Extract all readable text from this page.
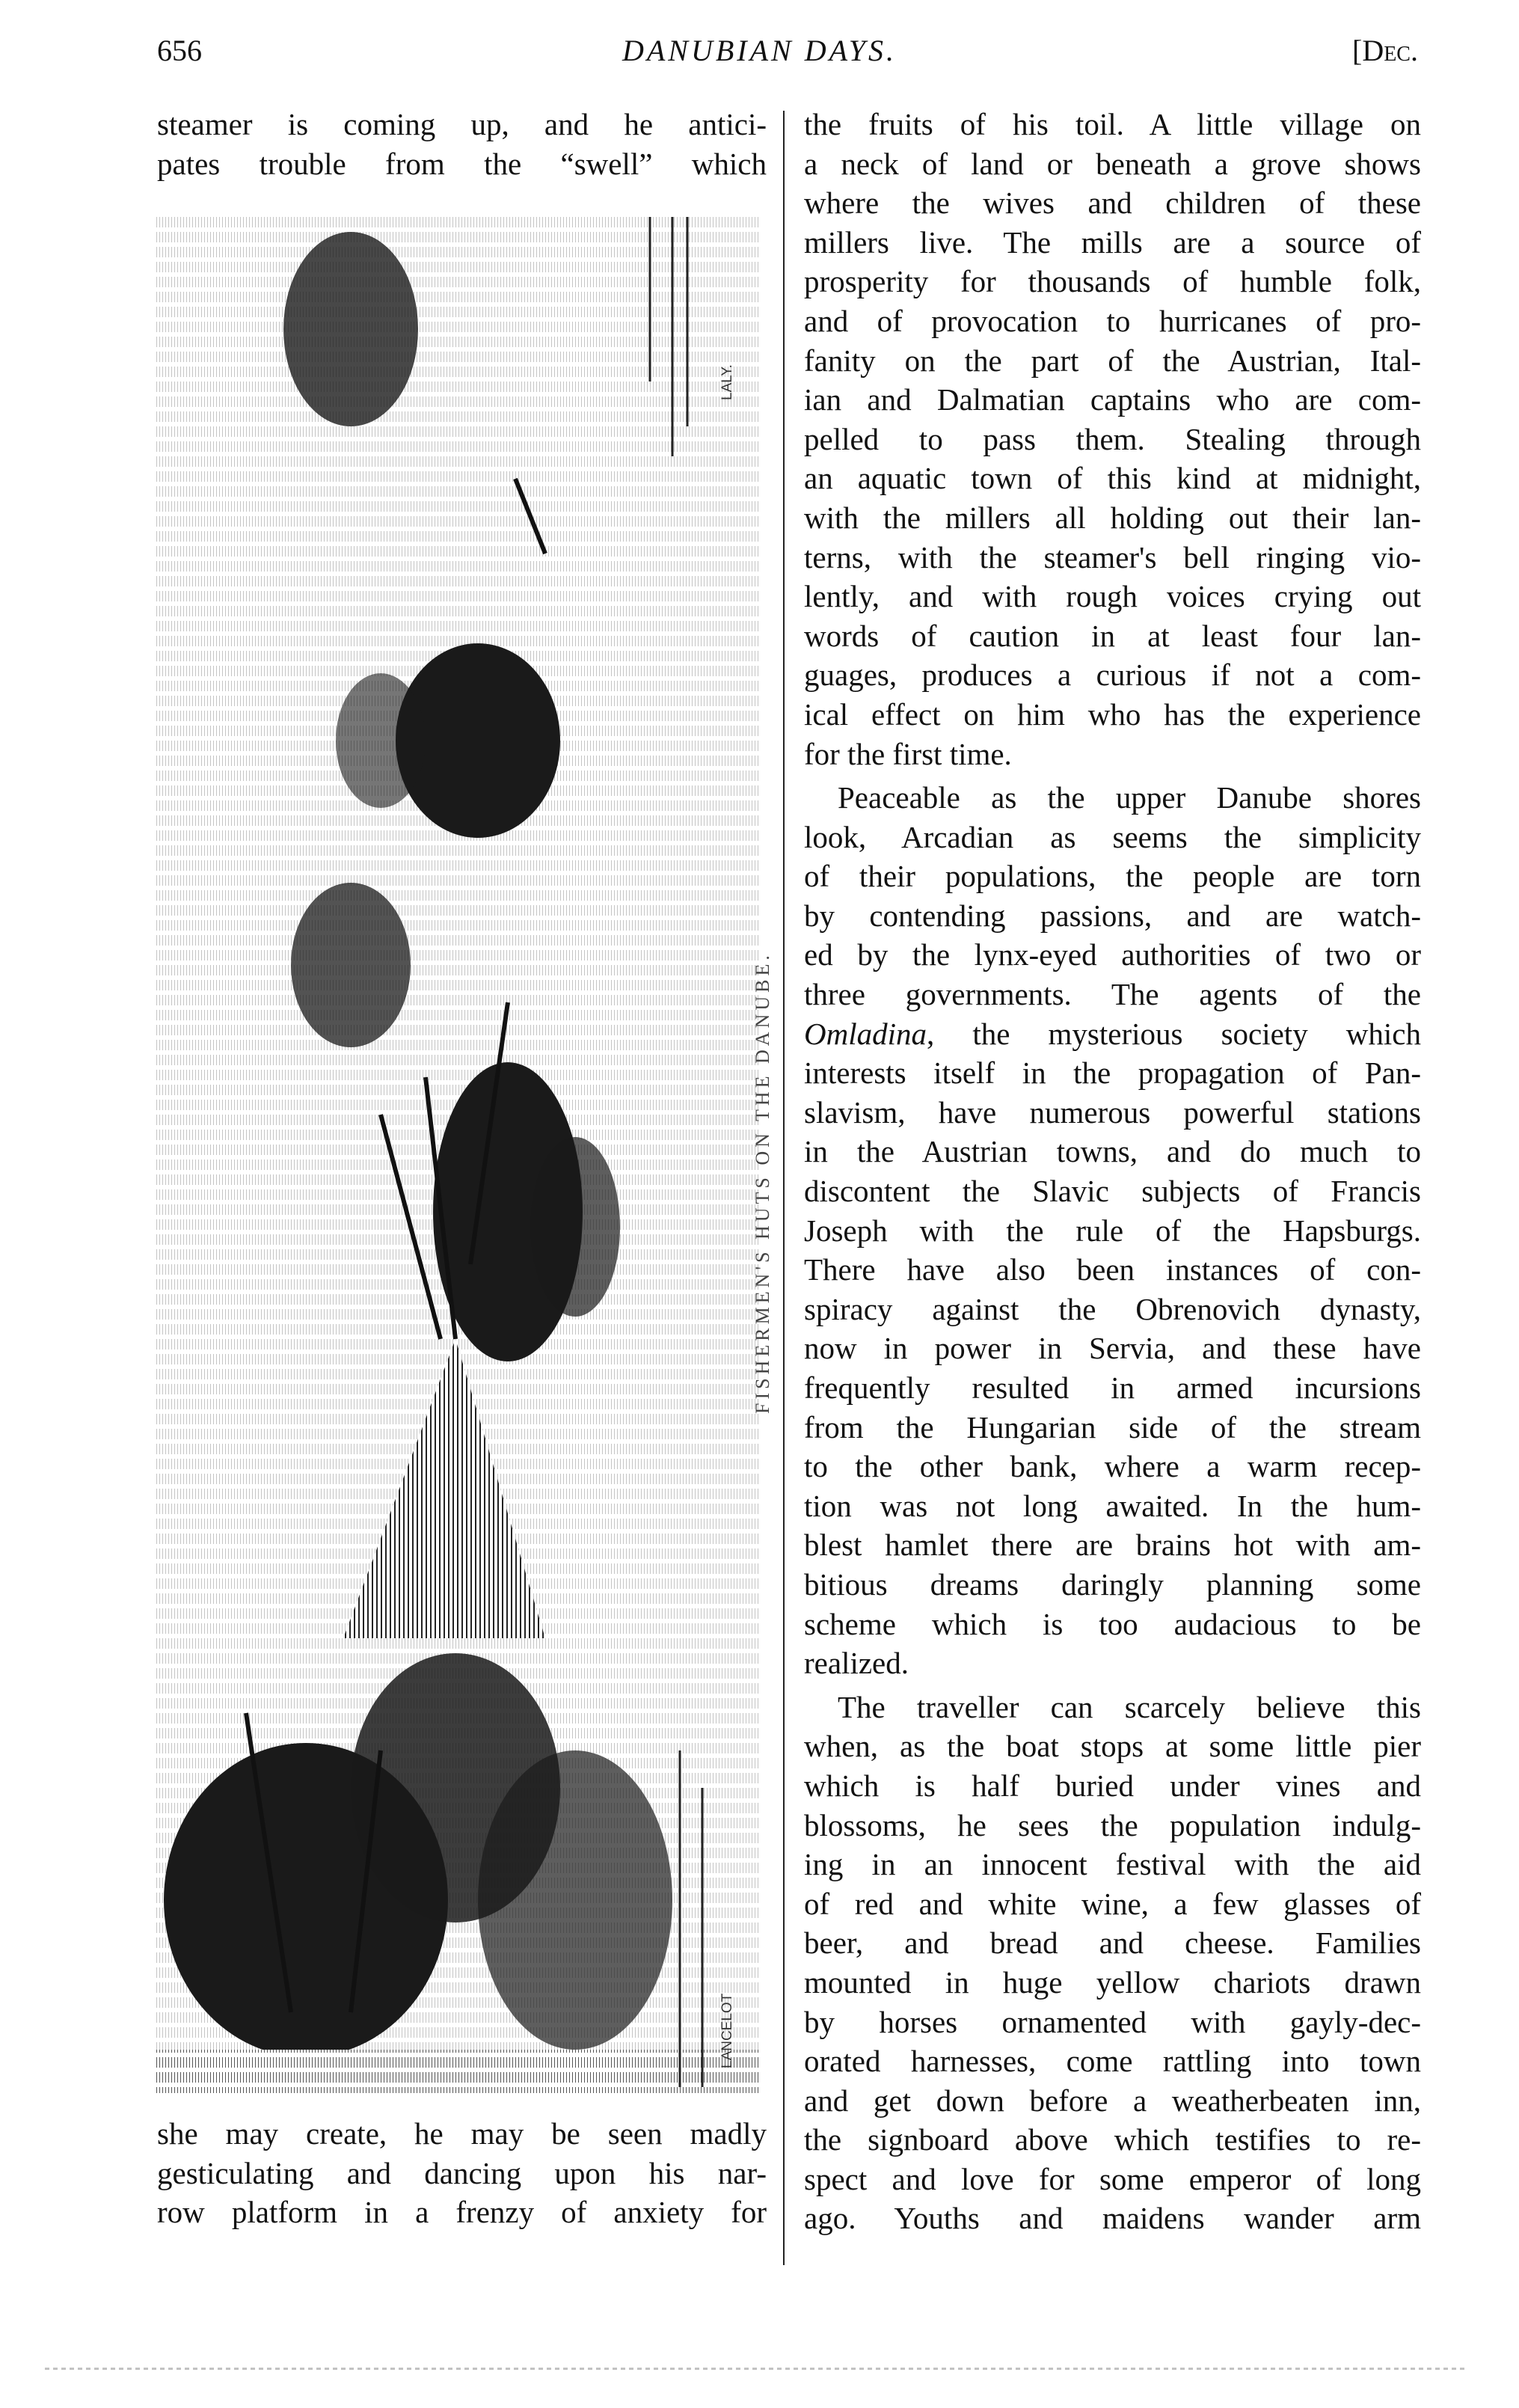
656	DANUBIAN DAYS.	[Dec.
steamer is coming up, and he antici-
pates trouble from the “swell” which
LALY.
LANCELOT
FISHERMEN'S HUTS ON THE DANUBE.
she may create, he may be seen madly
gesticulating and dancing upon his nar-
row platform in a frenzy of anxiety for
the fruits of his toil. A little village on
a neck of land or beneath a grove shows
where the wives and children of these
millers live. The mills are a source of
prosperity for thousands of humble folk,
and of provocation to hurricanes of pro-
fanity on the part of the Austrian, Ital-
ian and Dalmatian captains who are com-
pelled to pass them. Stealing through
an aquatic town of this kind at midnight,
with the millers all holding out their lan-
terns, with the steamer's bell ringing vio-
lently, and with rough voices crying out
words of caution in at least four lan-
guages, produces a curious if not a com-
ical effect on him who has the experience
for the first time.
Peaceable as the upper Danube shores
look, Arcadian as seems the simplicity
of their populations, the people are torn
by contending passions, and are watch-
ed by the lynx-eyed authorities of two or
three governments. The agents of the
Omladina, the mysterious society which
interests itself in the propagation of Pan-
slavism, have numerous powerful stations
in the Austrian towns, and do much to
discontent the Slavic subjects of Francis
Joseph with the rule of the Hapsburgs.
There have also been instances of con-
spiracy against the Obrenovich dynasty,
now in power in Servia, and these have
frequently resulted in armed incursions
from the Hungarian side of the stream
to the other bank, where a warm recep-
tion was not long awaited. In the hum-
blest hamlet there are brains hot with am-
bitious dreams daringly planning some
scheme which is too audacious to be
realized.
The traveller can scarcely believe this
when, as the boat stops at some little pier
which is half buried under vines and
blossoms, he sees the population indulg-
ing in an innocent festival with the aid
of red and white wine, a few glasses of
beer, and bread and cheese. Families
mounted in huge yellow chariots drawn
by horses ornamented with gayly-dec-
orated harnesses, come rattling into town
and get down before a weatherbeaten inn,
the signboard above which testifies to re-
spect and love for some emperor of long
ago. Youths and maidens wander arm
